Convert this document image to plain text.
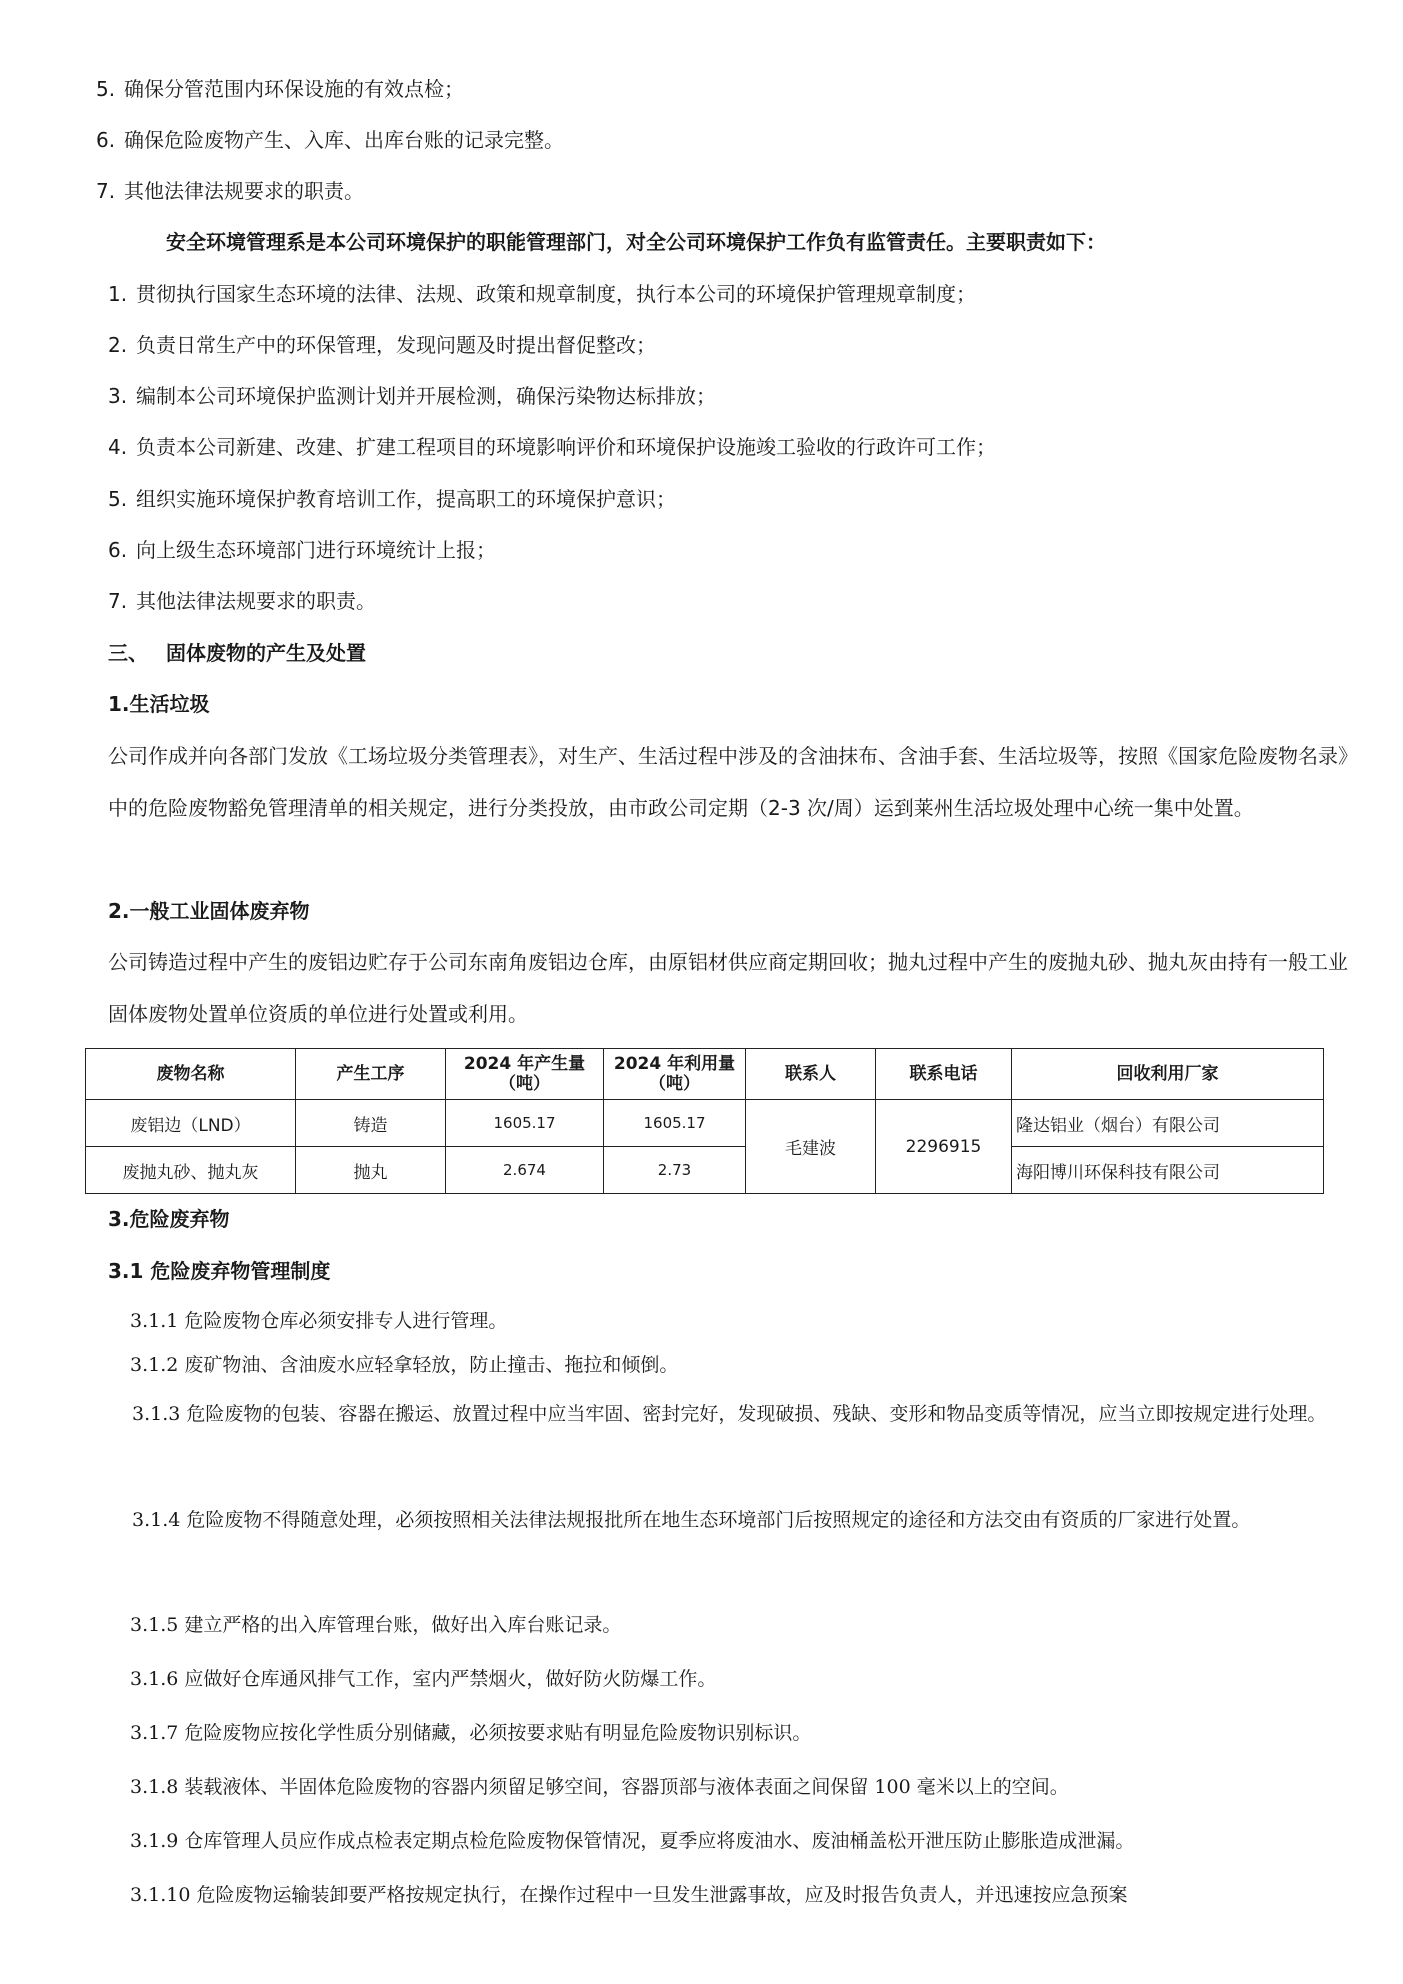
5. 确保分管范围内环保设施的有效点检；
6. 确保危险废物产生、入库、出库台账的记录完整。
7. 其他法律法规要求的职责。
安全环境管理系是本公司环境保护的职能管理部门，对全公司环境保护工作负有监管责任。主要职责如下：
1. 贯彻执行国家生态环境的法律、法规、政策和规章制度，执行本公司的环境保护管理规章制度；
2. 负责日常生产中的环保管理，发现问题及时提出督促整改；
3. 编制本公司环境保护监测计划并开展检测，确保污染物达标排放；
4. 负责本公司新建、改建、扩建工程项目的环境影响评价和环境保护设施竣工验收的行政许可工作；
5. 组织实施环境保护教育培训工作，提高职工的环境保护意识；
6. 向上级生态环境部门进行环境统计上报；
7. 其他法律法规要求的职责。
三、 固体废物的产生及处置
1.生活垃圾
公司作成并向各部门发放《工场垃圾分类管理表》，对生产、生活过程中涉及的含油抹布、含油手套、生活垃圾等，按照《国家危险废物名录》中的危险废物豁免管理清单的相关规定，进行分类投放，由市政公司定期（2-3 次/周）运到莱州生活垃圾处理中心统一集中处置。
2.一般工业固体废弃物
公司铸造过程中产生的废铝边贮存于公司东南角废铝边仓库，由原铝材供应商定期回收；抛丸过程中产生的废抛丸砂、抛丸灰由持有一般工业固体废物处置单位资质的单位进行处置或利用。
废物名称	产生工序	2024 年产生量（吨）	2024 年利用量（吨）	联系人	联系电话	回收利用厂家
废铝边（LND）	铸造	1605.17	1605.17	毛建波	2296915	隆达铝业（烟台）有限公司
废抛丸砂、抛丸灰	抛丸	2.674	2.73			海阳博川环保科技有限公司
3.危险废弃物
3.1 危险废弃物管理制度
3.1.1 危险废物仓库必须安排专人进行管理。
3.1.2 废矿物油、含油废水应轻拿轻放，防止撞击、拖拉和倾倒。
3.1.3 危险废物的包装、容器在搬运、放置过程中应当牢固、密封完好，发现破损、残缺、变形和物品变质等情况，应当立即按规定进行处理。
3.1.4 危险废物不得随意处理，必须按照相关法律法规报批所在地生态环境部门后按照规定的途径和方法交由有资质的厂家进行处置。
3.1.5 建立严格的出入库管理台账，做好出入库台账记录。
3.1.6 应做好仓库通风排气工作，室内严禁烟火，做好防火防爆工作。
3.1.7 危险废物应按化学性质分别储藏，必须按要求贴有明显危险废物识别标识。
3.1.8 装载液体、半固体危险废物的容器内须留足够空间，容器顶部与液体表面之间保留 100 毫米以上的空间。
3.1.9 仓库管理人员应作成点检表定期点检危险废物保管情况，夏季应将废油水、废油桶盖松开泄压防止膨胀造成泄漏。
3.1.10 危险废物运输装卸要严格按规定执行，在操作过程中一旦发生泄露事故，应及时报告负责人，并迅速按应急预案
